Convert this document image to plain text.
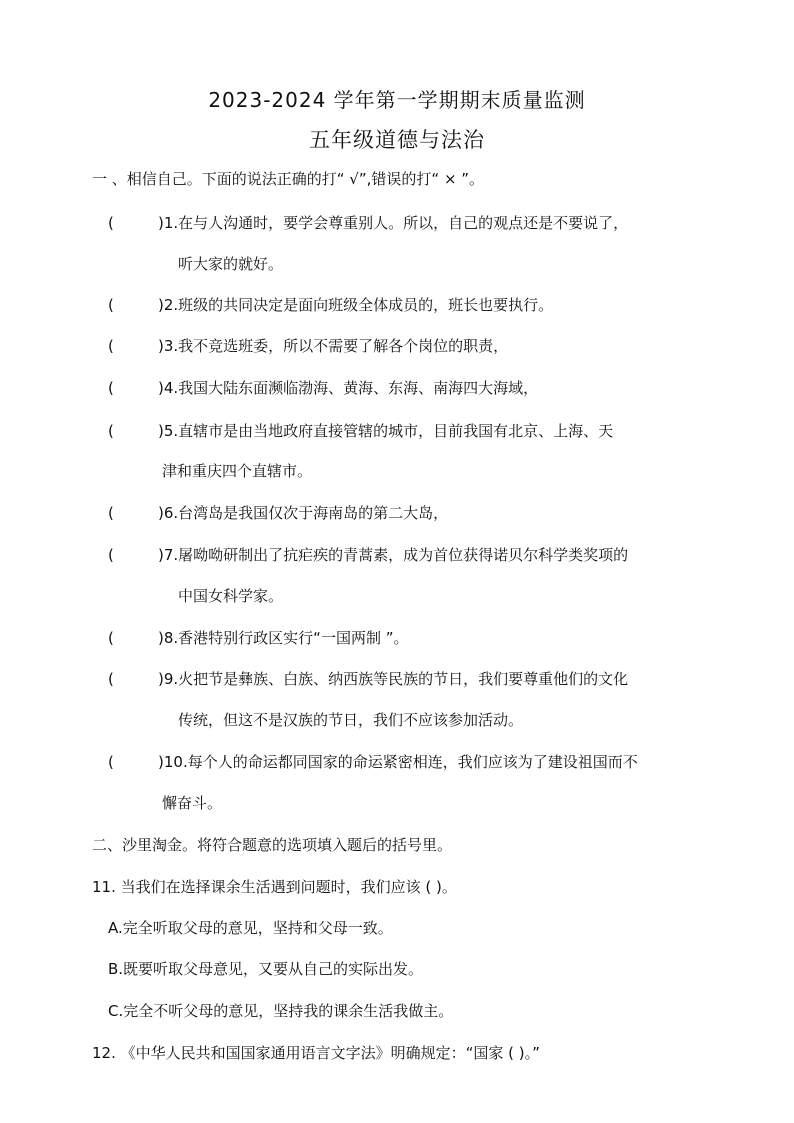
2023-2024 学年第一学期期末质量监测
五年级道德与法治
一 、相信自己。下面的说法正确的打“ √”,错误的打“ × ”。
(	)1.在与人沟通时，要学会尊重别人。所以，自己的观点还是不要说了，
听大家的就好。
(	)2.班级的共同决定是面向班级全体成员的，班长也要执行。
(	)3.我不竞选班委，所以不需要了解各个岗位的职责，
(	)4.我国大陆东面濒临渤海、黄海、东海、南海四大海域，
(	)5.直辖市是由当地政府直接管辖的城市，目前我国有北京、上海、天
津和重庆四个直辖市。
(	)6.台湾岛是我国仅次于海南岛的第二大岛，
(	)7.屠呦呦研制出了抗疟疾的青蒿素，成为首位获得诺贝尔科学类奖项的
中国女科学家。
(	)8.香港特别行政区实行“一国两制 ”。
(	)9.火把节是彝族、白族、纳西族等民族的节日，我们要尊重他们的文化
传统，但这不是汉族的节日，我们不应该参加活动。
(	)10.每个人的命运都同国家的命运紧密相连，我们应该为了建设祖国而不
懈奋斗。
二、沙里淘金。将符合题意的选项填入题后的括号里。
11. 当我们在选择课余生活遇到问题时，我们应该 ( )。
A.完全听取父母的意见，坚持和父母一致。
B.既要听取父母意见，又要从自己的实际出发。
C.完全不听父母的意见，坚持我的课余生活我做主。
12. 《中华人民共和国国家通用语言文字法》明确规定：“国家 ( )。”
